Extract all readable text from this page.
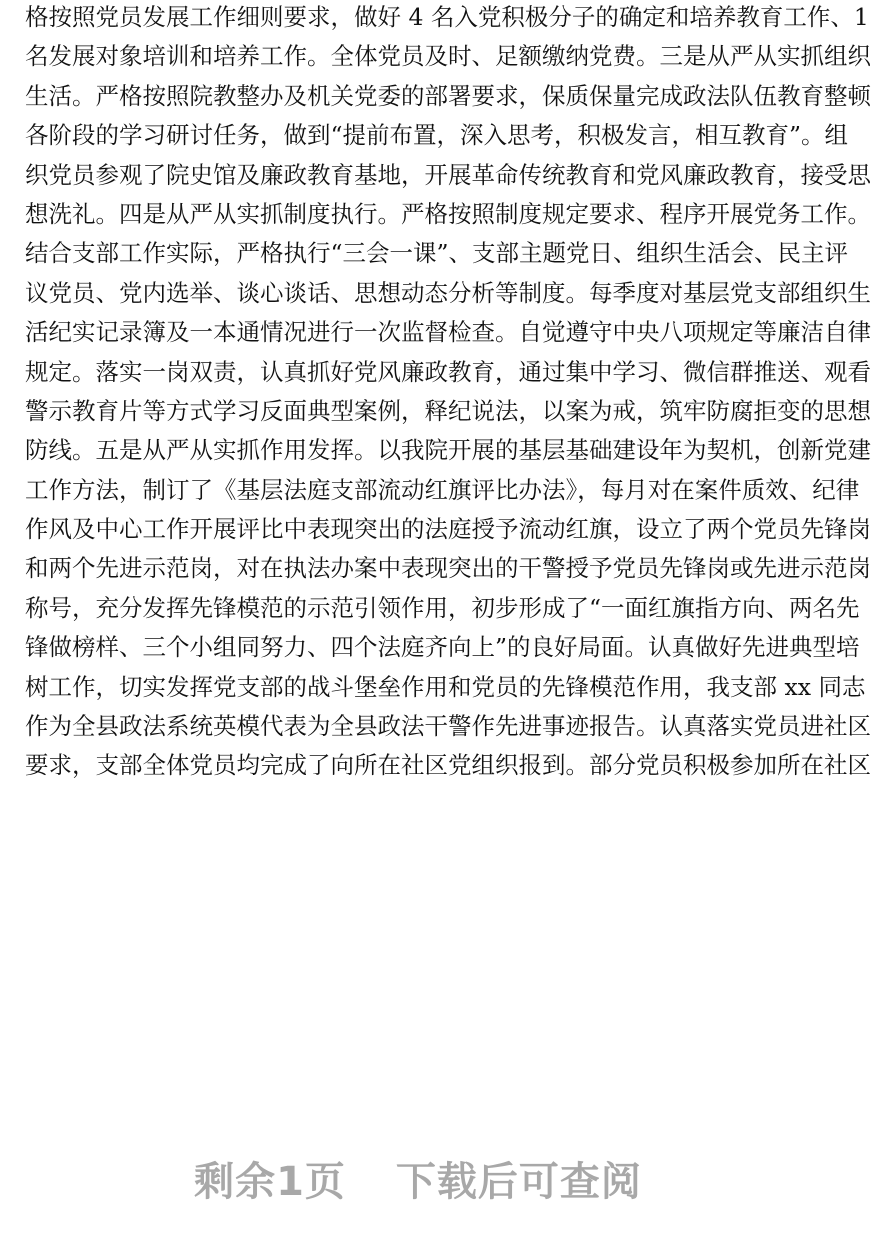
格按照党员发展工作细则要求，做好 4 名入党积极分子的确定和培养教育工作、1
名发展对象培训和培养工作。全体党员及时、足额缴纳党费。三是从严从实抓组织
生活。严格按照院教整办及机关党委的部署要求，保质保量完成政法队伍教育整顿
各阶段的学习研讨任务，做到“提前布置，深入思考，积极发言，相互教育”。组
织党员参观了院史馆及廉政教育基地，开展革命传统教育和党风廉政教育，接受思
想洗礼。四是从严从实抓制度执行。严格按照制度规定要求、程序开展党务工作。
结合支部工作实际，严格执行“三会一课”、支部主题党日、组织生活会、民主评
议党员、党内选举、谈心谈话、思想动态分析等制度。每季度对基层党支部组织生
活纪实记录簿及一本通情况进行一次监督检查。自觉遵守中央八项规定等廉洁自律
规定。落实一岗双责，认真抓好党风廉政教育，通过集中学习、微信群推送、观看
警示教育片等方式学习反面典型案例，释纪说法，以案为戒，筑牢防腐拒变的思想
防线。五是从严从实抓作用发挥。以我院开展的基层基础建设年为契机，创新党建
工作方法，制订了《基层法庭支部流动红旗评比办法》，每月对在案件质效、纪律
作风及中心工作开展评比中表现突出的法庭授予流动红旗，设立了两个党员先锋岗
和两个先进示范岗，对在执法办案中表现突出的干警授予党员先锋岗或先进示范岗
称号，充分发挥先锋模范的示范引领作用，初步形成了“一面红旗指方向、两名先
锋做榜样、三个小组同努力、四个法庭齐向上”的良好局面。认真做好先进典型培
树工作，切实发挥党支部的战斗堡垒作用和党员的先锋模范作用，我支部 xx 同志
作为全县政法系统英模代表为全县政法干警作先进事迹报告。认真落实党员进社区
要求，支部全体党员均完成了向所在社区党组织报到。部分党员积极参加所在社区
剩余1页 下载后可查阅
